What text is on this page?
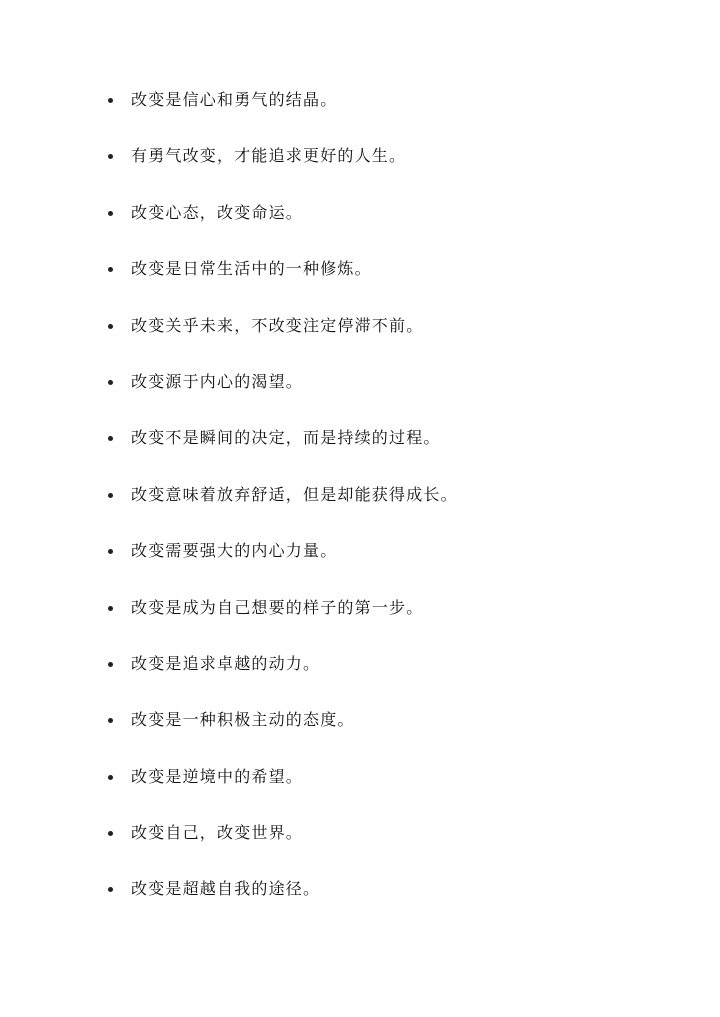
改变是信心和勇气的结晶。
有勇气改变，才能追求更好的人生。
改变心态，改变命运。
改变是日常生活中的一种修炼。
改变关乎未来，不改变注定停滞不前。
改变源于内心的渴望。
改变不是瞬间的决定，而是持续的过程。
改变意味着放弃舒适，但是却能获得成长。
改变需要强大的内心力量。
改变是成为自己想要的样子的第一步。
改变是追求卓越的动力。
改变是一种积极主动的态度。
改变是逆境中的希望。
改变自己，改变世界。
改变是超越自我的途径。
